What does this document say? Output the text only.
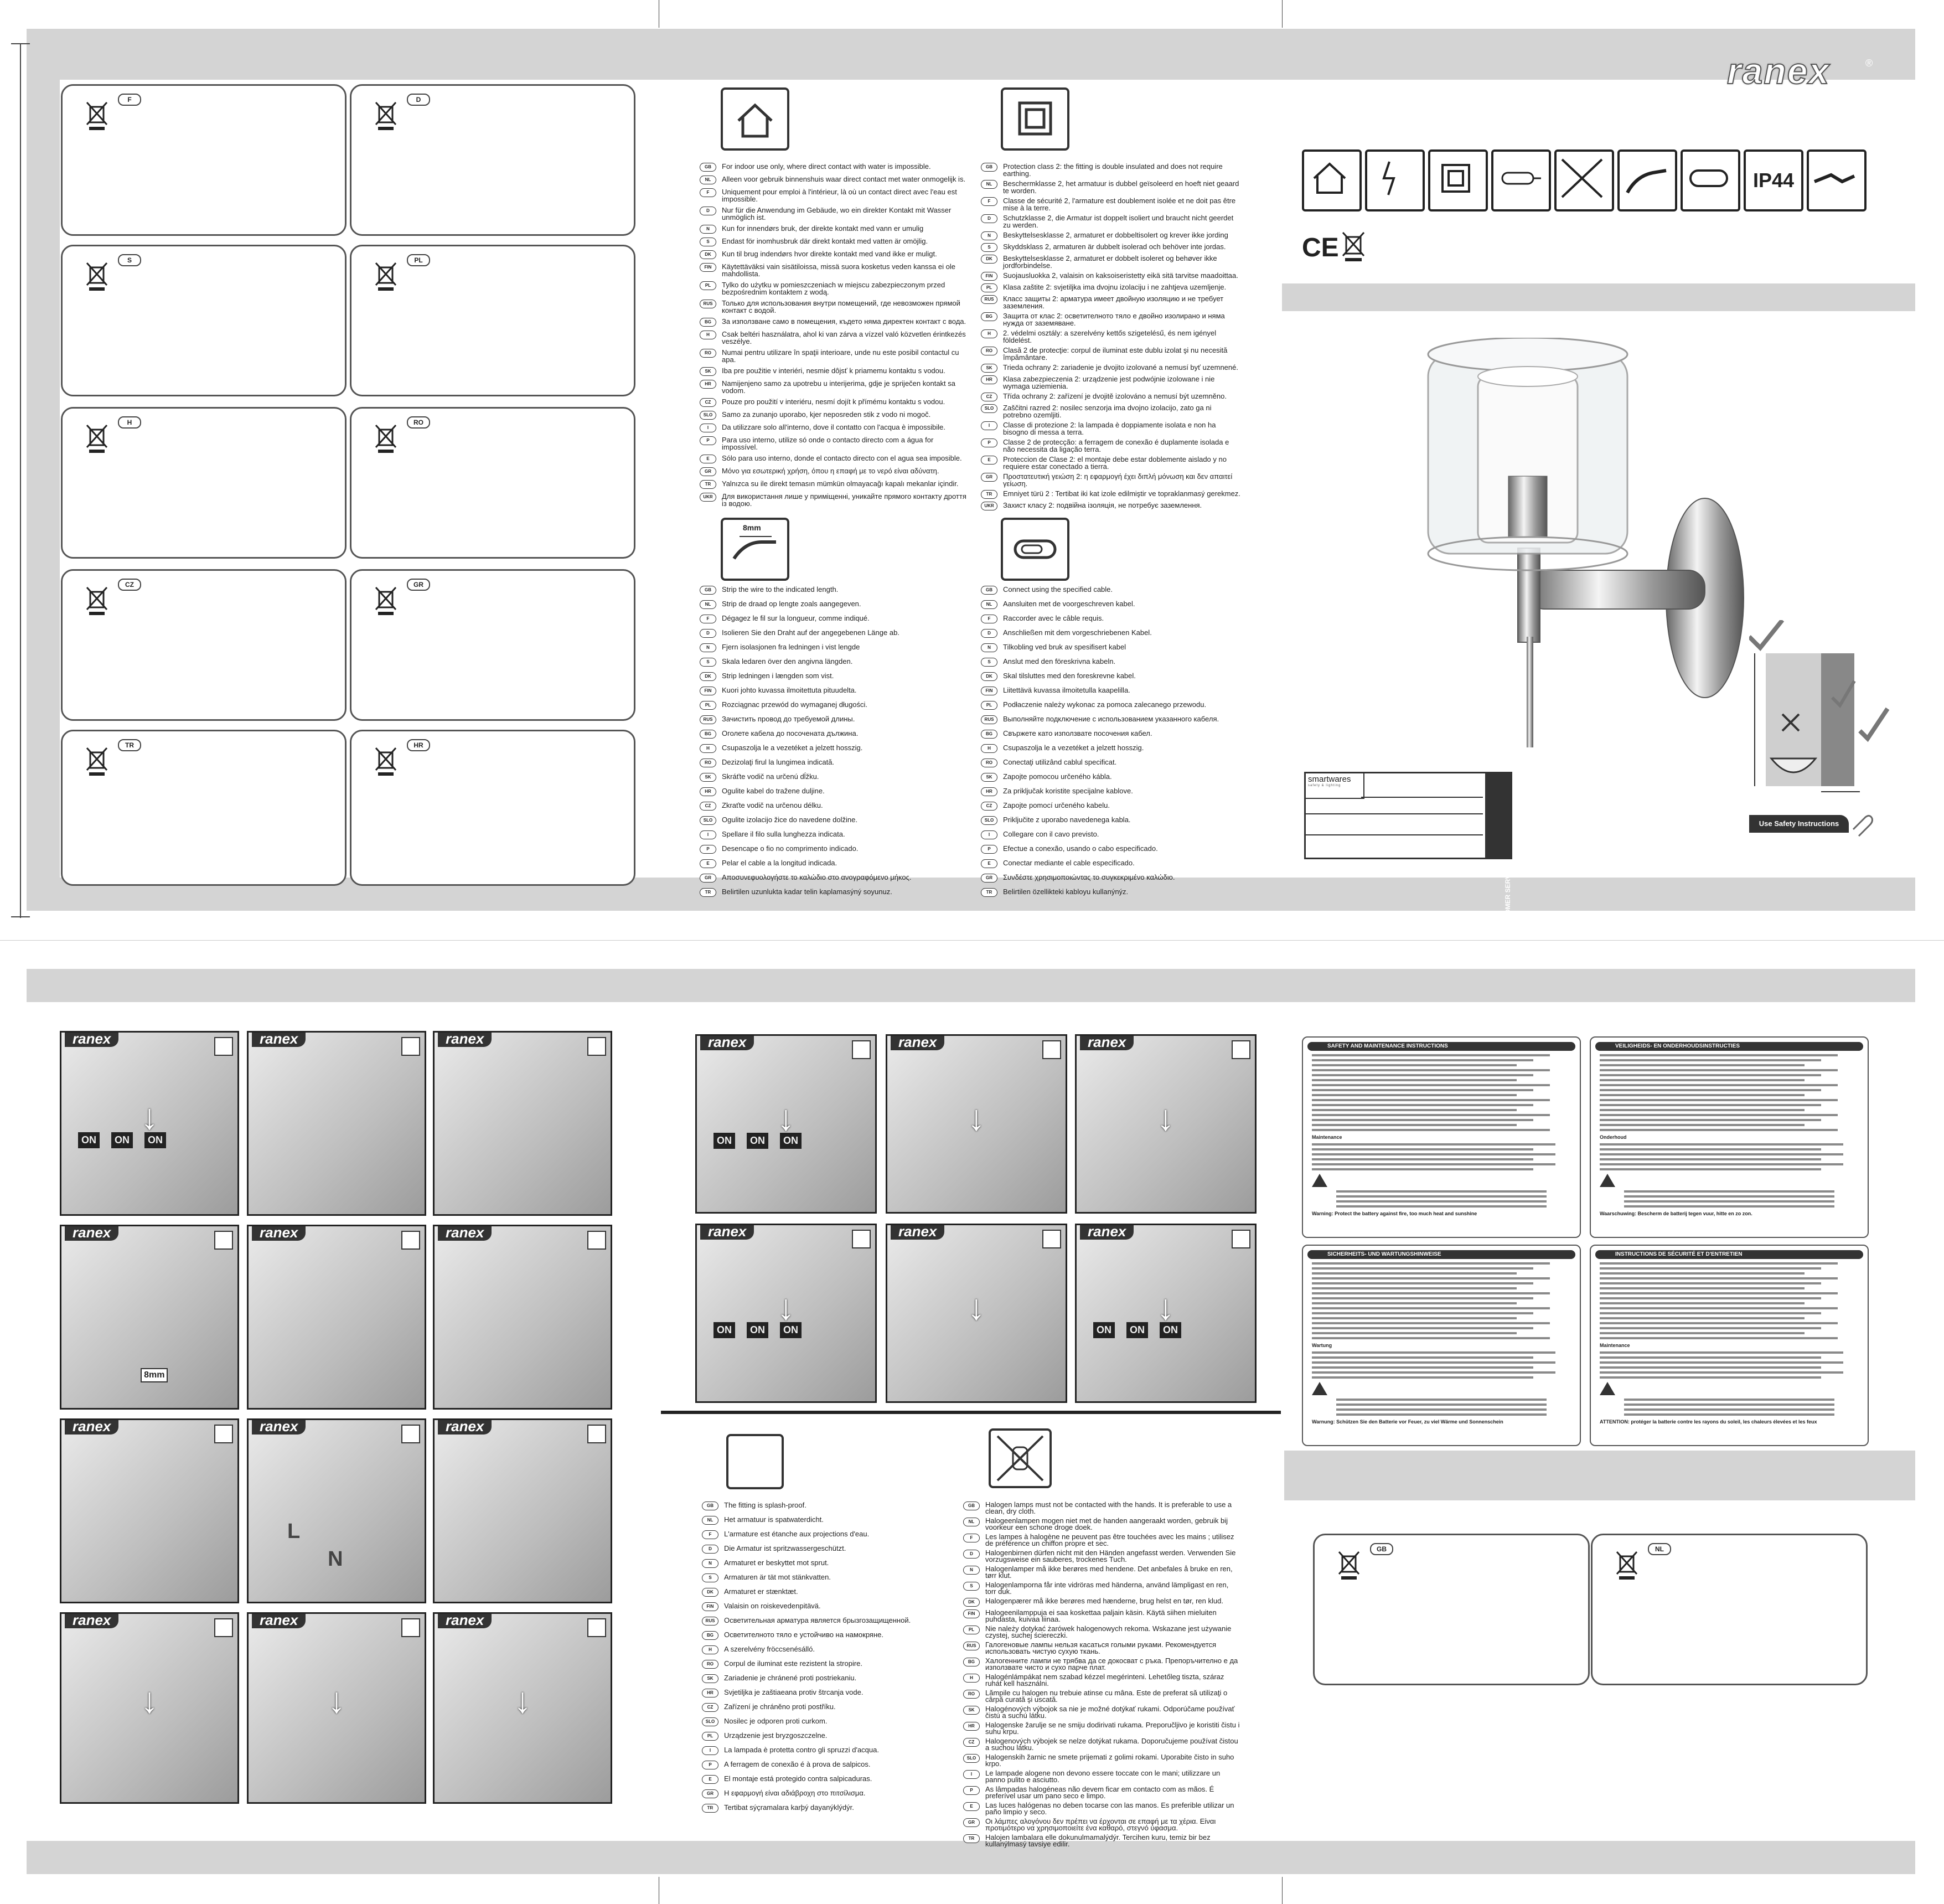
F	D
S	PL
H	RO
CZ	GR
TR	HR
GB	For indoor use only, where direct contact with water is impossible.
NL	Alleen voor gebruik binnenshuis waar direct contact met water onmogelijk is.
F	Uniquement pour emploi à l'intérieur, là où un contact direct avec l'eau est impossible.
D	Nur für die Anwendung im Gebäude, wo ein direkter Kontakt mit Wasser unmöglich ist.
N	Kun for innendørs bruk, der direkte kontakt med vann er umulig
S	Endast för inomhusbruk där direkt kontakt med vatten är omöjlig.
DK	Kun til brug indendørs hvor direkte kontakt med vand ikke er muligt.
FIN	Käytettäväksi vain sisätiloissa, missä suora kosketus veden kanssa ei ole mahdollista.
PL	Tylko do użytku w pomieszczeniach w miejscu zabezpieczonym przed bezpośrednim kontaktem z wodą.
RUS	Только для использования внутри помещений, где невозможен прямой контакт с водой.
BG	За използване само в помещения, където няма директен контакт с вода.
H	Csak beltéri használatra, ahol ki van zárva a vízzel való közvetlen érintkezés veszélye.
RO	Numai pentru utilizare în spaţii interioare, unde nu este posibil contactul cu apa.
SK	Iba pre použitie v interiéri, nesmie dôjsť k priamemu kontaktu s vodou.
HR	Namijenjeno samo za upotrebu u interijerima, gdje je spriječen kontakt sa vodom.
CZ	Pouze pro použití v interiéru, nesmí dojít k přímému kontaktu s vodou.
SLO	Samo za zunanjo uporabo, kjer neposreden stik z vodo ni mogoč.
I	Da utilizzare solo all'interno, dove il contatto con l'acqua è impossibile.
P	Para uso interno, utilize só onde o contacto directo com a água for impossível.
E	Sólo para uso interno, donde el contacto directo con el agua sea imposible.
GR	Μόνο για εσωτερική χρήση, όπου η επαφή με το νερό είναι αδύνατη.
TR	Yalnızca su ile direkt temasın mümkün olmayacağı kapalı mekanlar içindir.
UKR	Для використання лише у приміщенні, уникайте прямого контакту дроття із водою.
GB	Protection class 2: the fitting is double insulated and does not require earthing.
NL	Beschermklasse 2, het armatuur is dubbel geïsoleerd en hoeft niet geaard te worden.
F	Classe de sécurité 2, l'armature est doublement isolée et ne doit pas être mise à la terre.
D	Schutzklasse 2, die Armatur ist doppelt isoliert und braucht nicht geerdet zu werden.
N	Beskyttelsesklasse 2, armaturet er dobbeltisolert og krever ikke jording
S	Skyddsklass 2, armaturen är dubbelt isolerad och behöver inte jordas.
DK	Beskyttelsesklasse 2, armaturet er dobbelt isoleret og behøver ikke jordforbindelse.
FIN	Suojausluokka 2, valaisin on kaksoiseristetty eikä sitä tarvitse maadoittaa.
PL	Klasa zaštite 2: svjetiljka ima dvojnu izolaciju i ne zahtjeva uzemljenje.
RUS	Класс защиты 2: арматура имеет двойную изоляцию и не требует заземления.
BG	Защита от клас 2: осветителното тяло е двойно изолирано и няма нужда от заземяване.
H	2. védelmi osztály: a szerelvény kettős szigetelésű, és nem igényel földelést.
RO	Clasă 2 de protecţie: corpul de iluminat este dublu izolat şi nu necesită împământare.
SK	Trieda ochrany 2: zariadenie je dvojito izolované a nemusí byť uzemnené.
HR	Klasa zabezpieczenia 2: urządzenie jest podwójnie izolowane i nie wymaga uziemienia.
CZ	Třída ochrany 2: zařízení je dvojitě izolováno a nemusí být uzemněno.
SLO	Zaščitni razred 2: nosilec senzorja ima dvojno izolacijo, zato ga ni potrebno ozemljiti.
I	Classe di protezione 2: la lampada è doppiamente isolata e non ha bisogno di messa a terra.
P	Classe 2 de protecção: a ferragem de conexão é duplamente isolada e não necessita da ligação terra.
E	Proteccion de Clase 2: el montaje debe estar doblemente aislado y no requiere estar conectado a tierra.
GR	Προστατευτική γειώση 2: η εφαρμογή έχει διπλή μόνωση και δεν απαιτεί γείωση.
TR	Emniyet türü 2 : Tertibat iki kat izole edilmiştir ve topraklanmasý gerekmez.
UKR	Захист класу 2: подвійна ізоляція, не потребує заземлення.
8mm
GB	Strip the wire to the indicated length.
NL	Strip de draad op lengte zoals aangegeven.
F	Dégagez le fil sur la longueur, comme indiqué.
D	Isolieren Sie den Draht auf der angegebenen Länge ab.
N	Fjern isolasjonen fra ledningen i vist lengde
S	Skala ledaren över den angivna längden.
DK	Strip ledningen i længden som vist.
FIN	Kuori johto kuvassa ilmoitettuta pituudelta.
PL	Rozciągnac przewód do wymaganej długości.
RUS	Зачистить провод до требуемой длины.
BG	Оголете кабела до посочената дължина.
H	Csupaszolja le a vezetéket a jelzett hosszig.
RO	Dezizolaţi firul la lungimea indicată.
SK	Skráťte vodič na určenú dĺžku.
HR	Ogulite kabel do tražene duljine.
CZ	Zkraťte vodič na určenou délku.
SLO	Ogulite izolacijo žice do navedene dolžine.
I	Spellare il filo sulla lunghezza indicata.
P	Desencape o fio no comprimento indicado.
E	Pelar el cable a la longitud indicada.
GR	Αποσυνεφυολογήστε το καλώδιο στο ανογραφόμενο μήκος.
TR	Belirtilen uzunlukta kadar telin kaplamasýný soyunuz.
GB	Connect using the specified cable.
NL	Aansluiten met de voorgeschreven kabel.
F	Raccorder avec le câble requis.
D	Anschließen mit dem vorgeschriebenen Kabel.
N	Tilkobling ved bruk av spesifisert kabel
S	Anslut med den föreskrivna kabeln.
DK	Skal tilsluttes med den foreskrevne kabel.
FIN	Liitettävä kuvassa ilmoitetulla kaapelilla.
PL	Podłaczenie należy wykonac za pomoca zalecanego przewodu.
RUS	Выполняйте подключение с использованием указанного кабеля.
BG	Свържете като използвате посочения кабел.
H	Csupaszolja le a vezetéket a jelzett hosszig.
RO	Conectaţi utilizând cablul specificat.
SK	Zapojte pomocou určeného kábla.
HR	Za priključak koristite specijalne kablove.
CZ	Zapojte pomocí určeného kabelu.
SLO	Priključite z uporabo navedenega kabla.
I	Collegare con il cavo previsto.
P	Efectue a conexão, usando o cabo especificado.
E	Conectar mediante el cable especificado.
GR	Συνδέστε χρησιμοποιώντας το συγκεκριμένο καλώδιο.
TR	Belirtilen özellikteki kabloyu kullanýnýz.
ranex	®
IP44
CE
Use Safety Instructions
smartwares
safety & lighting
CUSTOMER SERVICE
ranex
ON	ON	ON
↓
ranex	ranex
ranex
8mm
ranex	ranex
ranex	ranex
L
N
ranex
ranex
↓
ranex
↓
ranex
↓
ranex
ON	ON	ON
↓
ranex
↓
ranex
↓
ranex
ON	ON	ON
↓
ranex
↓
ranex
ON	ON	ON
↓
GB	The fitting is splash-proof.
NL	Het armatuur is spatwaterdicht.
F	L'armature est étanche aux projections d'eau.
D	Die Armatur ist spritzwassergeschützt.
N	Armaturet er beskyttet mot sprut.
S	Armaturen är tät mot stänkvatten.
DK	Armaturet er stænktæt.
FIN	Valaisin on roiskevedenpitävä.
RUS	Осветительная арматура является брызгозащищенной.
BG	Осветителното тяло е устойчиво на намокряне.
H	A szerelvény fröccsenésálló.
RO	Corpul de iluminat este rezistent la stropire.
SK	Zariadenie je chránené proti postriekaniu.
HR	Svjetiljka je zaštiaeana protiv štrcanja vode.
CZ	Zařízení je chráněno proti postříku.
SLO	Nosilec je odporen proti curkom.
PL	Urządzenie jest bryzgoszczelne.
I	La lampada è protetta contro gli spruzzi d'acqua.
P	A ferragem de conexão é à prova de salpicos.
E	El montaje está protegido contra salpicaduras.
GR	Η εφαρμογή είναι αδιάβροχη στο πιτσίλισμα.
TR	Tertibat sýçramalara karþý dayanýklýdýr.
GB	Halogen lamps must not be contacted with the hands. It is preferable to use a clean, dry cloth.
NL	Halogeenlampen mogen niet met de handen aangeraakt worden, gebruik bij voorkeur een schone droge doek.
F	Les lampes à halogène ne peuvent pas être touchées avec les mains ; utilisez de préférence un chiffon propre et sec.
D	Halogenbirnen dürfen nicht mit den Händen angefasst werden. Verwenden Sie vorzugsweise ein sauberes, trockenes Tuch.
N	Halogenlamper må ikke berøres med hendene. Det anbefales å bruke en ren, tørr klut.
S	Halogenlamporna får inte vidröras med händerna, använd lämpligast en ren, torr duk.
DK	Halogenpærer må ikke berøres med hænderne, brug helst en tør, ren klud.
FIN	Halogeenilamppuja ei saa koskettaa paljain käsin. Käytä siihen mieluiten puhdasta, kuivaa liinaa.
PL	Nie należy dotykać żarówek halogenowych rekoma. Wskazane jest używanie czystej, suchej ściereczki.
RUS	Галогеновые лампы нельзя касаться голыми руками. Рекомендуется использовать чистую сухую ткань.
BG	Халогенните лампи не трябва да се докосват с ръка. Препоръчително е да използвате чисто и сухо парче плат.
H	Halogénlámpákat nem szabad kézzel megérinteni. Lehetőleg tiszta, száraz ruhát kell használni.
RO	Lămpile cu halogen nu trebuie atinse cu mâna. Este de preferat să utilizaţi o cârpă curată şi uscată.
SK	Halogénových výbojok sa nie je možné dotýkať rukami. Odporúčame používať čistú a suchú látku.
HR	Halogenske žarulje se ne smiju dodirivati rukama. Preporučljivo je koristiti čistu i suhu krpu.
CZ	Halogenových výbojek se nelze dotýkat rukama. Doporučujeme používat čistou a suchou látku.
SLO	Halogenskih žarnic ne smete prijemati z golimi rokami. Uporabite čisto in suho krpo.
I	Le lampade alogene non devono essere toccate con le mani; utilizzare un panno pulito e asciutto.
P	As lâmpadas halogéneas não devem ficar em contacto com as mãos. É preferível usar um pano seco e limpo.
E	Las luces halógenas no deben tocarse con las manos. Es preferible utilizar un paño limpio y seco.
GR	Οι λάμπες αλογόνου δεν πρέπει να έρχονται σε επαφή με τα χέρια. Είναι προτιμότερο να χρησιμοποιείτε ένα καθαρό, στεγνό ύφασμα.
TR	Halojen lambalara elle dokunulmamalýdýr. Tercihen kuru, temiz bir bez kullanýlmasý tavsiye edilir.
SAFETY AND MAINTENANCE INSTRUCTIONS
Maintenance
Warning: Protect the battery against fire, too much heat and sunshine
VEILIGHEIDS- EN ONDERHOUDSINSTRUCTIES
Onderhoud
Waarschuwing: Bescherm de batterij tegen vuur, hitte en zo zon.
SICHERHEITS- UND WARTUNGSHINWEISE
Wartung
Warnung: Schützen Sie den Batterie vor Feuer, zu viel Wärme und Sonnenschein
INSTRUCTIONS DE SÉCURITÉ ET D'ENTRETIEN
Maintenance
ATTENTION: protéger la batterie contre les rayons du soleil, les chaleurs élevées et les feux
GB	NL
